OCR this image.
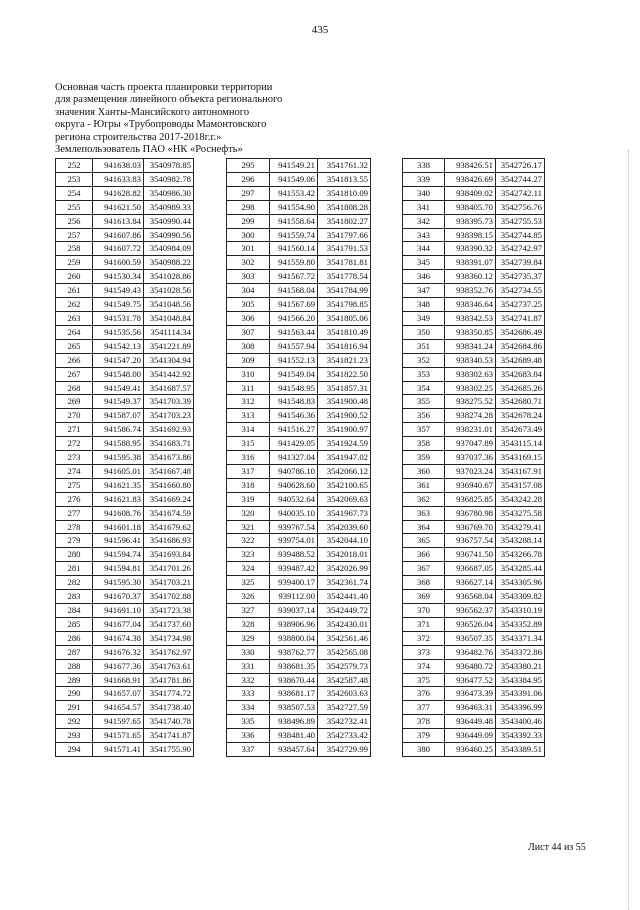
435
Основная часть проекта планировки территории
для размещения линейного объекта регионального
значения Ханты-Мансийского автономного
округа - Югры «Трубопроводы Мамонтовского
региона строительства 2017-2018г.г.»
Землепользователь ПАО «НК «Роснефть»
252	941638.03	3540978.85
253	941633.83	3540982.78
254	941628.82	3540986.30
255	941621.50	3540989.33
256	941613.84	3540990.44
257	941607.86	3540990.56
258	941607.72	3540984.09
259	941600.59	3540988.22
260	941530.34	3541028.86
261	941549.43	3541028.56
262	941549.75	3541048.56
263	941531.78	3541048.84
264	941535.56	3541114.34
265	941542.13	3541221.89
266	941547.20	3541304.94
267	941548.00	3541442.92
268	941549.41	3541687.57
269	941549.37	3541703.39
270	941587.07	3541703.23
271	941586.74	3541692.93
272	941588.95	3541683.71
273	941595.38	3541673.86
274	941605.01	3541667.48
275	941621.35	3541660.80
276	941621.83	3541669.24
277	941608.76	3541674.59
278	941601.18	3541679.62
279	941596.41	3541686.93
280	941594.74	3541693.84
281	941594.81	3541701.26
282	941595.30	3541703.21
283	941670.37	3541702.88
284	941691.10	3541723.38
285	941677.04	3541737.60
286	941674.38	3541734.98
287	941676.32	3541762.97
288	941677.36	3541763.61
289	941668.91	3541781.86
290	941657.07	3541774.72
291	941654.57	3541738.40
292	941597.65	3541740.78
293	941571.65	3541741.87
294	941571.41	3541755.90
295	941549.21	3541761.32
296	941549.06	3541813.55
297	941553.42	3541810.09
298	941554.90	3541808.28
299	941558.64	3541802.27
300	941559.74	3541797.66
301	941560.14	3541791.53
302	941559.80	3541781.81
303	941567.72	3541778.54
304	941568.04	3541784.99
305	941567.69	3541798.85
306	941566.20	3541805.06
307	941563.44	3541810.49
308	941557.94	3541816.94
309	941552.13	3541821.23
310	941549.04	3541822.50
311	941548.95	3541857.31
312	941548.83	3541900.48
313	941546.36	3541900.52
314	941516.27	3541900.97
315	941429.05	3541924.59
316	941327.04	3541947.02
317	940786.10	3542066.12
318	940628.60	3542100.65
319	940532.64	3542069.63
320	940035.10	3541967.73
321	939767.54	3542039.60
322	939754.01	3542044.10
323	939488.52	3542018.01
324	939487.42	3542026.99
325	939400.17	3542361.74
326	939112.00	3542441.40
327	939037.14	3542449.72
328	938906.96	3542430.01
329	938800.04	3542561.46
330	938762.77	3542565.08
331	938681.35	3542579.73
332	938670.44	3542587.48
333	938681.17	3542603.63
334	938507.53	3542727.59
335	938496.89	3542732.41
336	938481.40	3542733.42
337	938457.64	3542729.99
338	938426.51	3542726.17
339	938426.69	3542744.27
340	938409.02	3542742.11
341	938405.70	3542756.76
342	938395.73	3542755.53
343	938398.15	3542744.85
344	938390.32	3542742.97
345	938391.07	3542739.84
346	938360.12	3542735.37
347	938352.76	3542734.55
348	938346.64	3542737.25
349	938342.53	3542741.87
350	938350.85	3542686.49
351	938341.24	3542684.86
352	938340.53	3542689.48
353	938302.63	3542683.04
354	938302.25	3542685.26
355	938275.52	3542680.71
356	938274.28	3542678.24
357	938231.01	3542673.49
358	937047.89	3543115.14
359	937037.36	3543169.15
360	937023.24	3543167.91
361	936940.67	3543157.08
362	936825.85	3543242.28
363	936780.98	3543275.58
364	936769.70	3543279.41
365	936757.54	3543288.14
366	936741.50	3543266.78
367	936687.05	3543285.44
368	936627.14	3543305.96
369	936568.04	3543309.82
370	936562.37	3543310.19
371	936526.04	3543352.89
372	936507.35	3543371.34
373	936482.76	3543372.86
374	936480.72	3543380.21
375	936477.52	3543384.95
376	936473.39	3543391.06
377	936463.31	3543396.99
378	936449.48	3543400.46
379	936449.09	3543392.33
380	936460.25	3543389.51
Лист 44 из 55
